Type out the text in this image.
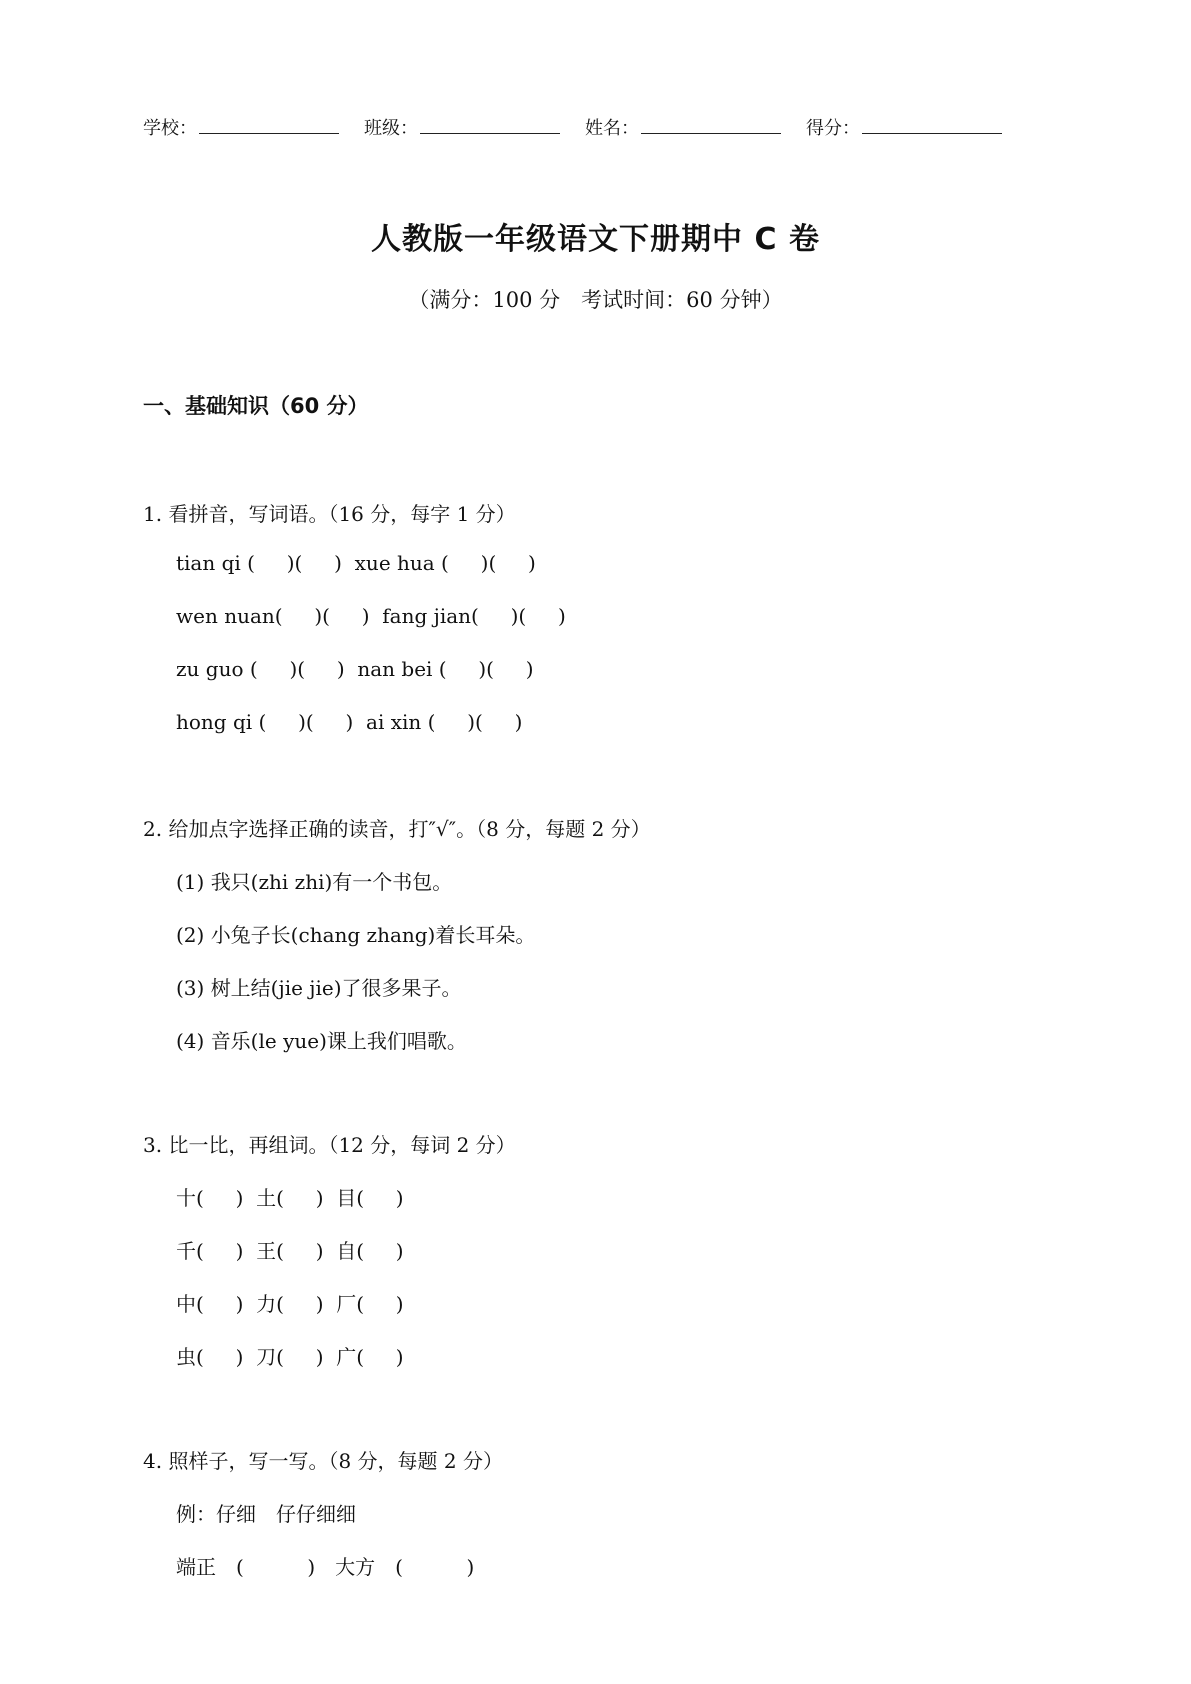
学校：	班级：	姓名：	得分：
人教版一年级语文下册期中 C 卷
（满分：100 分　考试时间：60 分钟）
一、基础知识（60 分）
1. 看拼音，写词语。（16 分，每字 1 分）
tian qi (     )(     )  xue hua (     )(     )
wen nuan(     )(     )  fang jian(     )(     )
zu guo (     )(     )  nan bei (     )(     )
hong qi (     )(     )  ai xin (     )(     )
2. 给加点字选择正确的读音，打″√″。（8 分，每题 2 分）
(1) 我只(zhi zhi)有一个书包。
(2) 小兔子长(chang zhang)着长耳朵。
(3) 树上结(jie jie)了很多果子。
(4) 音乐(le yue)课上我们唱歌。
3. 比一比，再组词。（12 分，每词 2 分）
十(     )  土(     )  目(     )
千(     )  王(     )  自(     )
中(     )  力(     )  厂(     )
虫(     )  刀(     )  广(     )
4. 照样子，写一写。（8 分，每题 2 分）
例：仔细　仔仔细细
端正　(          )　大方　(          )
